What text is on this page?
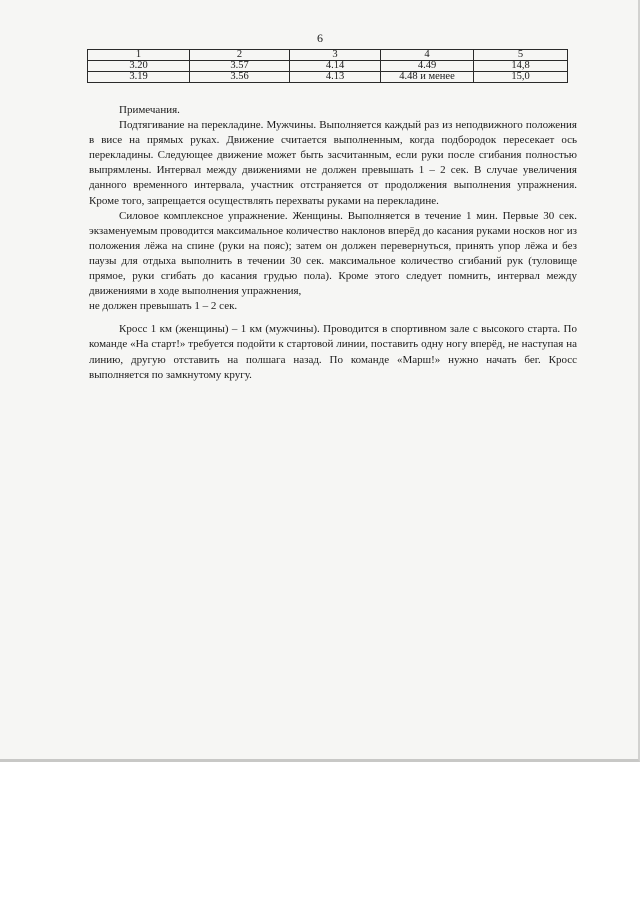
6
1	2	3	4	5
3.20	3.57	4.14	4.49	14,8
3.19	3.56	4.13	4.48 и менее	15,0

Примечания.

Подтягивание на перекладине. Мужчины. Выполняется каждый раз из неподвижного положения в висе на прямых руках. Движение считается выполненным, когда подбородок пересекает ось перекладины. Следующее движение может быть засчитанным, если руки после сгибания полностью выпрямлены. Интервал между движениями не должен превышать 1 – 2 сек. В случае увеличения данного временного интервала, участник отстраняется от продолжения выполнения упражнения. Кроме того, запрещается осуществлять перехваты руками на перекладине.

Силовое комплексное упражнение. Женщины. Выполняется в течение 1 мин. Первые 30 сек. экзаменуемым проводится максимальное количество наклонов вперёд до касания руками носков ног из положения лёжа на спине (руки на пояс); затем он должен перевернуться, принять упор лёжа и без паузы для отдыха выполнить в течении 30 сек. максимальное количество сгибаний рук (туловище прямое, руки сгибать до касания грудью пола). Кроме этого следует помнить, интервал между движениями в ходе выполнения упражнения,

не должен превышать 1 – 2 сек.

Кросс 1 км (женщины) – 1 км (мужчины). Проводится в спортивном зале с высокого старта. По команде «На старт!» требуется подойти к стартовой линии, поставить одну ногу вперёд, не наступая на линию, другую отставить на полшага назад. По команде «Марш!» нужно начать бег. Кросс выполняется по замкнутому кругу.
